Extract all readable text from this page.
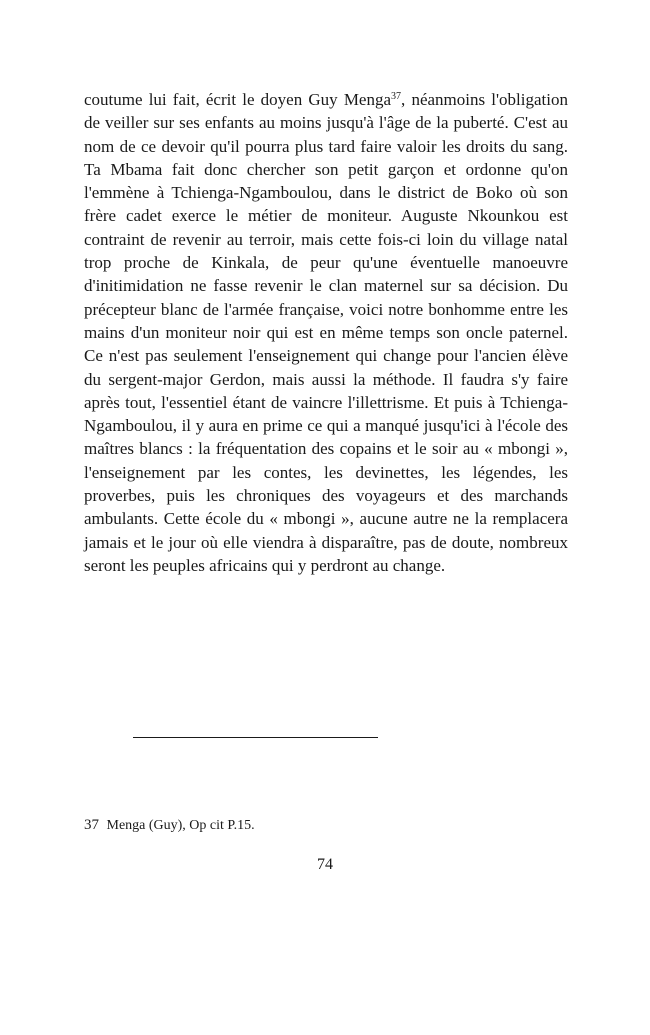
coutume lui fait, écrit le doyen Guy Menga$^{37}$, néanmoins l'obligation de veiller sur ses enfants au moins jusqu'à l'âge de la puberté. C'est au nom de ce devoir qu'il pourra plus tard faire valoir les droits du sang. Ta Mbama fait donc chercher son petit garçon et ordonne qu'on l'emmène à Tchienga-Ngamboulou, dans le district de Boko où son frère cadet exerce le métier de moniteur. Auguste Nkounkou est contraint de revenir au terroir, mais cette fois-ci loin du village natal trop proche de Kinkala, de peur qu'une éventuelle manoeuvre d'initimidation ne fasse revenir le clan maternel sur sa décision. Du précepteur blanc de l'armée française, voici notre bonhomme entre les mains d'un moniteur noir qui est en même temps son oncle paternel. Ce n'est pas seulement l'enseignement qui change pour l'ancien élève du sergent-major Gerdon, mais aussi la méthode. Il faudra s'y faire après tout, l'essentiel étant de vaincre l'illettrisme. Et puis à Tchienga-Ngamboulou, il y aura en prime ce qui a manqué jusqu'ici à l'école des maîtres blancs : la fréquentation des copains et le soir au « mbongi », l'enseignement par les contes, les devinettes, les légendes, les proverbes, puis les chroniques des voyageurs et des marchands ambulants. Cette école du « mbongi », aucune autre ne la remplacera jamais et le jour où elle viendra à disparaître, pas de doute, nombreux seront les peuples africains qui y perdront au change.

37 Menga (Guy), Op cit P.15.

74
